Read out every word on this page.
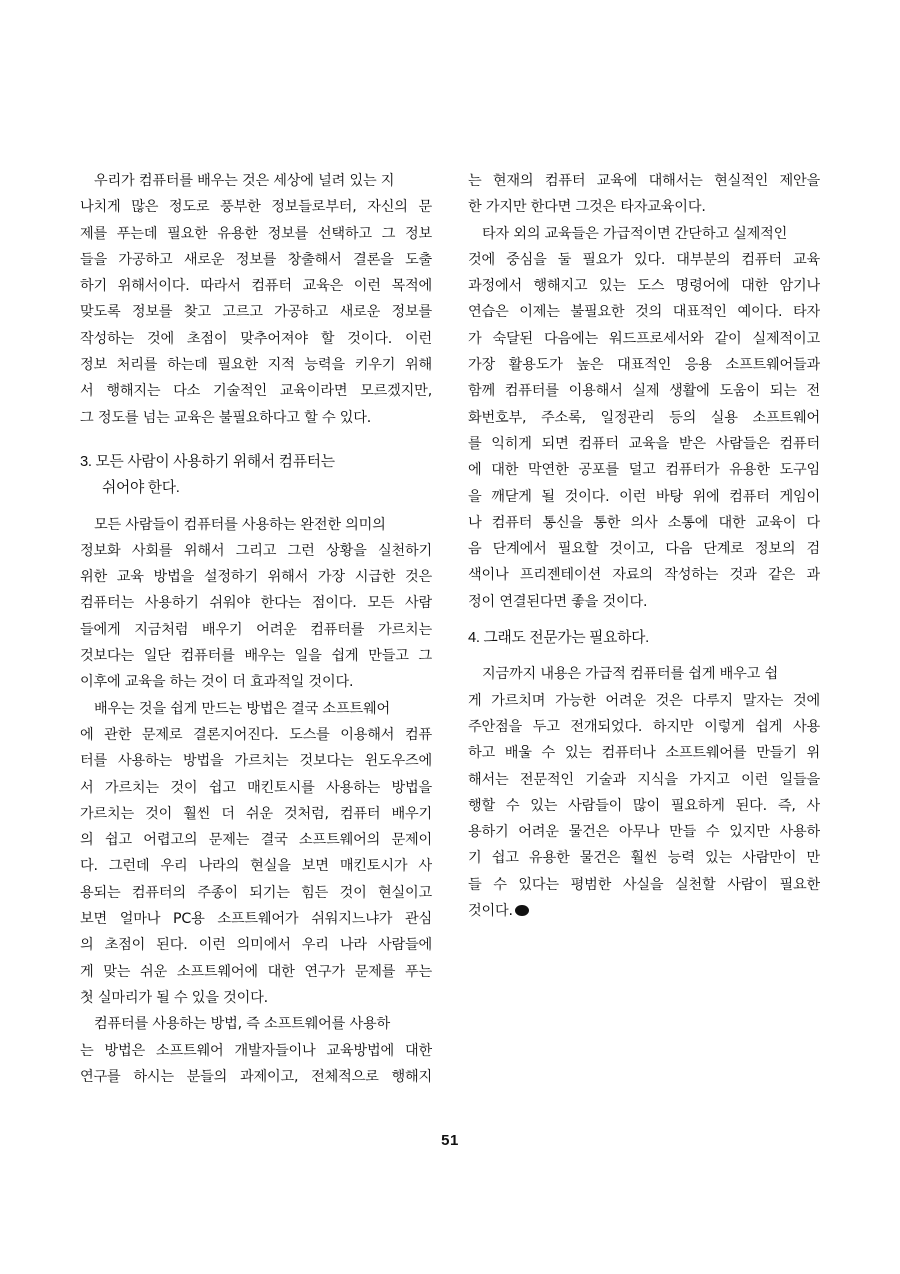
우리가 컴퓨터를 배우는 것은 세상에 널려 있는 지
나치게 많은 정도로 풍부한 정보들로부터, 자신의 문
제를 푸는데 필요한 유용한 정보를 선택하고 그 정보
들을 가공하고 새로운 정보를 창출해서 결론을 도출
하기 위해서이다. 따라서 컴퓨터 교육은 이런 목적에
맞도록 정보를 찾고 고르고 가공하고 새로운 정보를
작성하는 것에 초점이 맞추어져야 할 것이다. 이런
정보 처리를 하는데 필요한 지적 능력을 키우기 위해
서 행해지는 다소 기술적인 교육이라면 모르겠지만,
그 정도를 넘는 교육은 불필요하다고 할 수 있다.
3. 모든 사람이 사용하기 위해서 컴퓨터는
쉬어야 한다.
모든 사람들이 컴퓨터를 사용하는 완전한 의미의
정보화 사회를 위해서 그리고 그런 상황을 실천하기
위한 교육 방법을 설정하기 위해서 가장 시급한 것은
컴퓨터는 사용하기 쉬워야 한다는 점이다. 모든 사람
들에게 지금처럼 배우기 어려운 컴퓨터를 가르치는
것보다는 일단 컴퓨터를 배우는 일을 쉽게 만들고 그
이후에 교육을 하는 것이 더 효과적일 것이다.
배우는 것을 쉽게 만드는 방법은 결국 소프트웨어
에 관한 문제로 결론지어진다. 도스를 이용해서 컴퓨
터를 사용하는 방법을 가르치는 것보다는 윈도우즈에
서 가르치는 것이 쉽고 매킨토시를 사용하는 방법을
가르치는 것이 훨씬 더 쉬운 것처럼, 컴퓨터 배우기
의 쉽고 어렵고의 문제는 결국 소프트웨어의 문제이
다. 그런데 우리 나라의 현실을 보면 매킨토시가 사
용되는 컴퓨터의 주종이 되기는 힘든 것이 현실이고
보면 얼마나 PC용 소프트웨어가 쉬워지느냐가 관심
의 초점이 된다. 이런 의미에서 우리 나라 사람들에
게 맞는 쉬운 소프트웨어에 대한 연구가 문제를 푸는
첫 실마리가 될 수 있을 것이다.
컴퓨터를 사용하는 방법, 즉 소프트웨어를 사용하
는 방법은 소프트웨어 개발자들이나 교육방법에 대한
연구를 하시는 분들의 과제이고, 전체적으로 행해지
는 현재의 컴퓨터 교육에 대해서는 현실적인 제안을
한 가지만 한다면 그것은 타자교육이다.
타자 외의 교육들은 가급적이면 간단하고 실제적인
것에 중심을 둘 필요가 있다. 대부분의 컴퓨터 교육
과정에서 행해지고 있는 도스 명령어에 대한 암기나
연습은 이제는 불필요한 것의 대표적인 예이다. 타자
가 숙달된 다음에는 워드프로세서와 같이 실제적이고
가장 활용도가 높은 대표적인 응용 소프트웨어들과
함께 컴퓨터를 이용해서 실제 생활에 도움이 되는 전
화번호부, 주소록, 일정관리 등의 실용 소프트웨어
를 익히게 되면 컴퓨터 교육을 받은 사람들은 컴퓨터
에 대한 막연한 공포를 덜고 컴퓨터가 유용한 도구임
을 깨닫게 될 것이다. 이런 바탕 위에 컴퓨터 게임이
나 컴퓨터 통신을 통한 의사 소통에 대한 교육이 다
음 단계에서 필요할 것이고, 다음 단계로 정보의 검
색이나 프리젠테이션 자료의 작성하는 것과 같은 과
정이 연결된다면 좋을 것이다.
4. 그래도 전문가는 필요하다.
지금까지 내용은 가급적 컴퓨터를 쉽게 배우고 쉽
게 가르치며 가능한 어려운 것은 다루지 말자는 것에
주안점을 두고 전개되었다. 하지만 이렇게 쉽게 사용
하고 배울 수 있는 컴퓨터나 소프트웨어를 만들기 위
해서는 전문적인 기술과 지식을 가지고 이런 일들을
행할 수 있는 사람들이 많이 필요하게 된다. 즉, 사
용하기 어려운 물건은 아무나 만들 수 있지만 사용하
기 쉽고 유용한 물건은 훨씬 능력 있는 사람만이 만
들 수 있다는 평범한 사실을 실천할 사람이 필요한
것이다.
51
